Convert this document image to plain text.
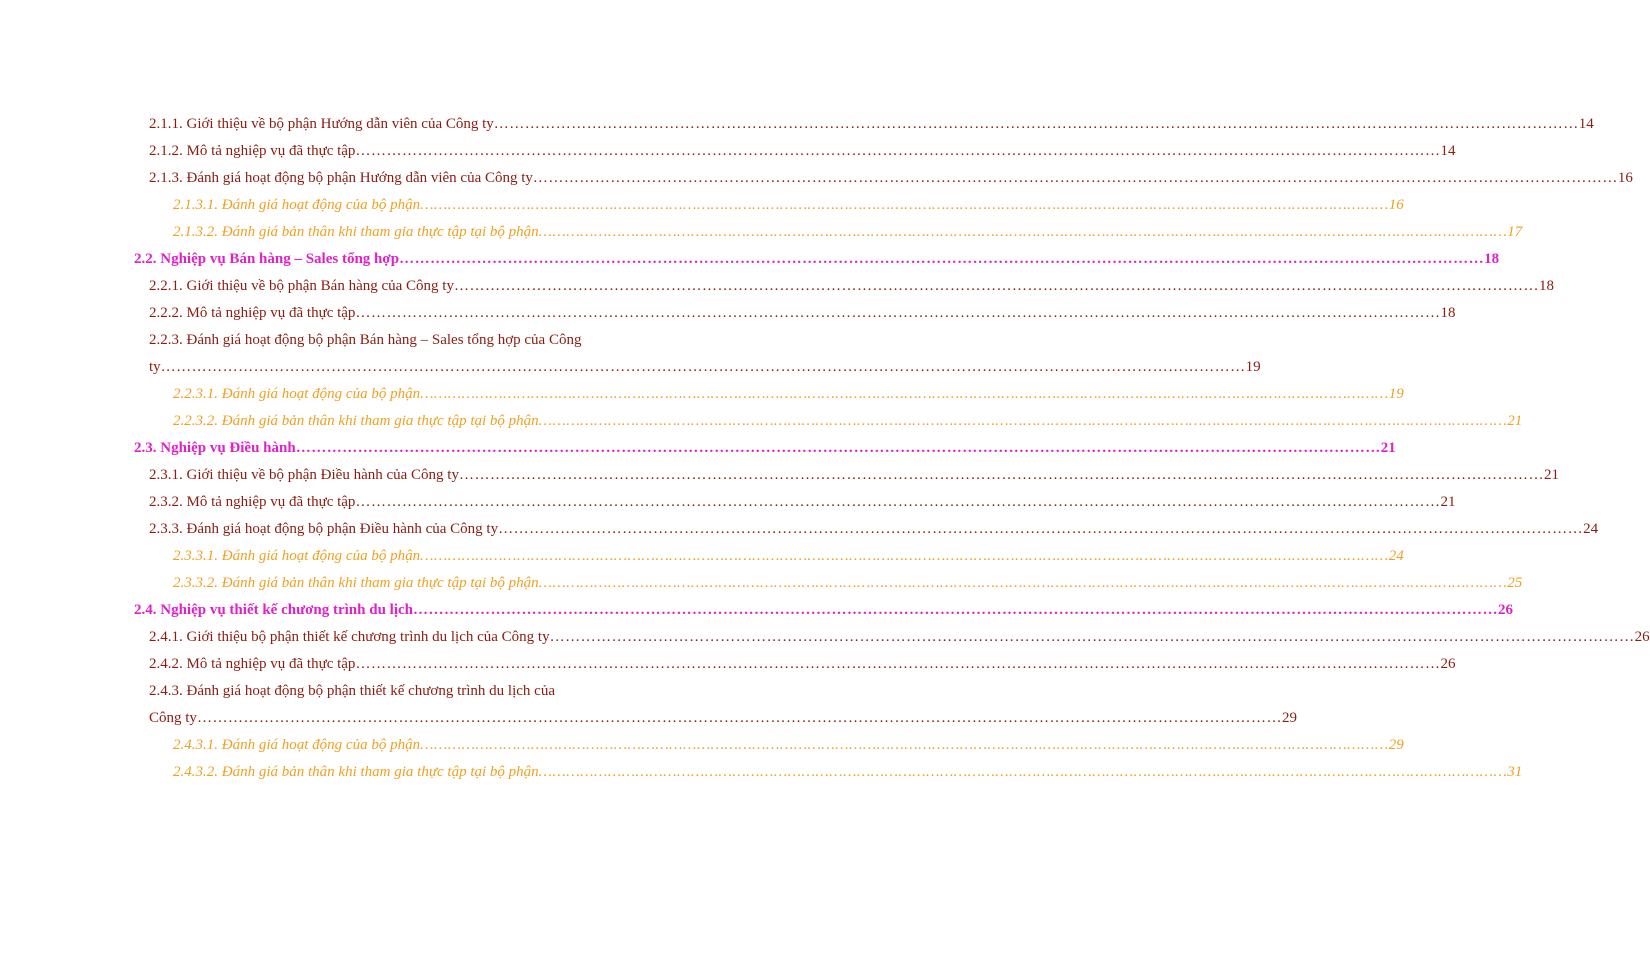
2.1.1. Giới thiệu về bộ phận Hướng dẫn viên của Công ty ………………………………………………………………………………………………………………………………………………………………………………………… 14
2.1.2. Mô tả nghiệp vụ đã thực tập ………………………………………………………………………………………………………………………………………………………………………………………… 14
2.1.3. Đánh giá hoạt động bộ phận Hướng dẫn viên của Công ty ………………………………………………………………………………………………………………………………………………………………………………………… 16
2.1.3.1. Đánh giá hoạt động của bộ phận ………………………………………………………………………………………………………………………………………………………………………………………… 16
2.1.3.2. Đánh giá bản thân khi tham gia thực tập tại bộ phận ………………………………………………………………………………………………………………………………………………………………………………………… 17
2.2. Nghiệp vụ Bán hàng – Sales tổng hợp ………………………………………………………………………………………………………………………………………………………………………………………… 18
2.2.1. Giới thiệu về bộ phận Bán hàng của Công ty ………………………………………………………………………………………………………………………………………………………………………………………… 18
2.2.2. Mô tả nghiệp vụ đã thực tập ………………………………………………………………………………………………………………………………………………………………………………………… 18
2.2.3. Đánh giá hoạt động bộ phận Bán hàng – Sales tổng hợp của Công
ty ………………………………………………………………………………………………………………………………………………………………………………………… 19
2.2.3.1. Đánh giá hoạt động của bộ phận ………………………………………………………………………………………………………………………………………………………………………………………… 19
2.2.3.2. Đánh giá bản thân khi tham gia thực tập tại bộ phận ………………………………………………………………………………………………………………………………………………………………………………………… 21
2.3. Nghiệp vụ Điều hành ………………………………………………………………………………………………………………………………………………………………………………………… 21
2.3.1. Giới thiệu về bộ phận Điều hành của Công ty ………………………………………………………………………………………………………………………………………………………………………………………… 21
2.3.2. Mô tả nghiệp vụ đã thực tập ………………………………………………………………………………………………………………………………………………………………………………………… 21
2.3.3. Đánh giá hoạt động bộ phận Điều hành của Công ty ………………………………………………………………………………………………………………………………………………………………………………………… 24
2.3.3.1. Đánh giá hoạt động của bộ phận ………………………………………………………………………………………………………………………………………………………………………………………… 24
2.3.3.2. Đánh giá bản thân khi tham gia thực tập tại bộ phận ………………………………………………………………………………………………………………………………………………………………………………………… 25
2.4. Nghiệp vụ thiết kế chương trình du lịch ………………………………………………………………………………………………………………………………………………………………………………………… 26
2.4.1. Giới thiệu bộ phận thiết kế chương trình du lịch của Công ty ………………………………………………………………………………………………………………………………………………………………………………………… 26
2.4.2. Mô tả nghiệp vụ đã thực tập ………………………………………………………………………………………………………………………………………………………………………………………… 26
2.4.3. Đánh giá hoạt động bộ phận thiết kế chương trình du lịch của
Công ty ………………………………………………………………………………………………………………………………………………………………………………………… 29
2.4.3.1. Đánh giá hoạt động của bộ phận ………………………………………………………………………………………………………………………………………………………………………………………… 29
2.4.3.2. Đánh giá bản thân khi tham gia thực tập tại bộ phận ………………………………………………………………………………………………………………………………………………………………………………………… 31
